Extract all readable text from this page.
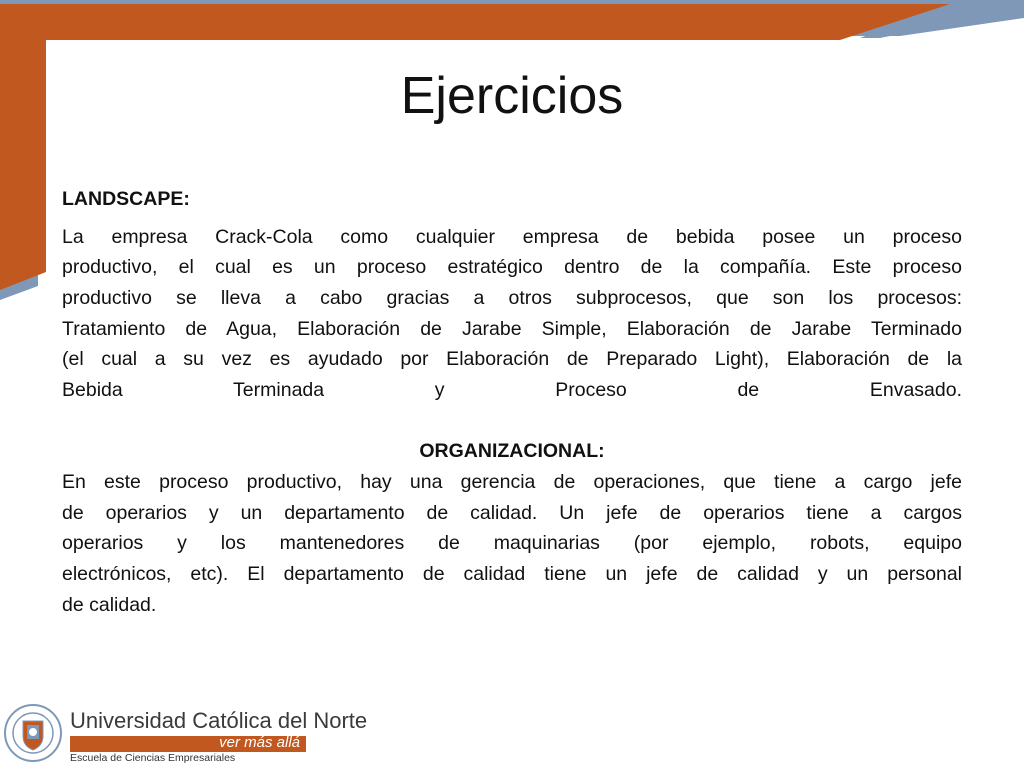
Ejercicios
LANDSCAPE:
La empresa Crack-Cola como cualquier empresa de bebida posee un proceso
productivo, el cual es un proceso estratégico dentro de la compañía. Este proceso
productivo se lleva a cabo gracias a otros subprocesos, que son los procesos:
Tratamiento de Agua, Elaboración de Jarabe Simple, Elaboración de Jarabe Terminado
(el cual a su vez es ayudado por Elaboración de Preparado Light), Elaboración de la
Bebida Terminada y Proceso de Envasado.
ORGANIZACIONAL:
En este proceso productivo, hay una gerencia de operaciones, que tiene a cargo jefe
de operarios y un departamento de calidad. Un jefe de operarios tiene a cargos
operarios y los mantenedores de maquinarias (por ejemplo, robots, equipo
electrónicos, etc). El departamento de calidad tiene un jefe de calidad y un personal
de calidad.
Universidad Católica del Norte
ver más allá
Escuela de Ciencias Empresariales
